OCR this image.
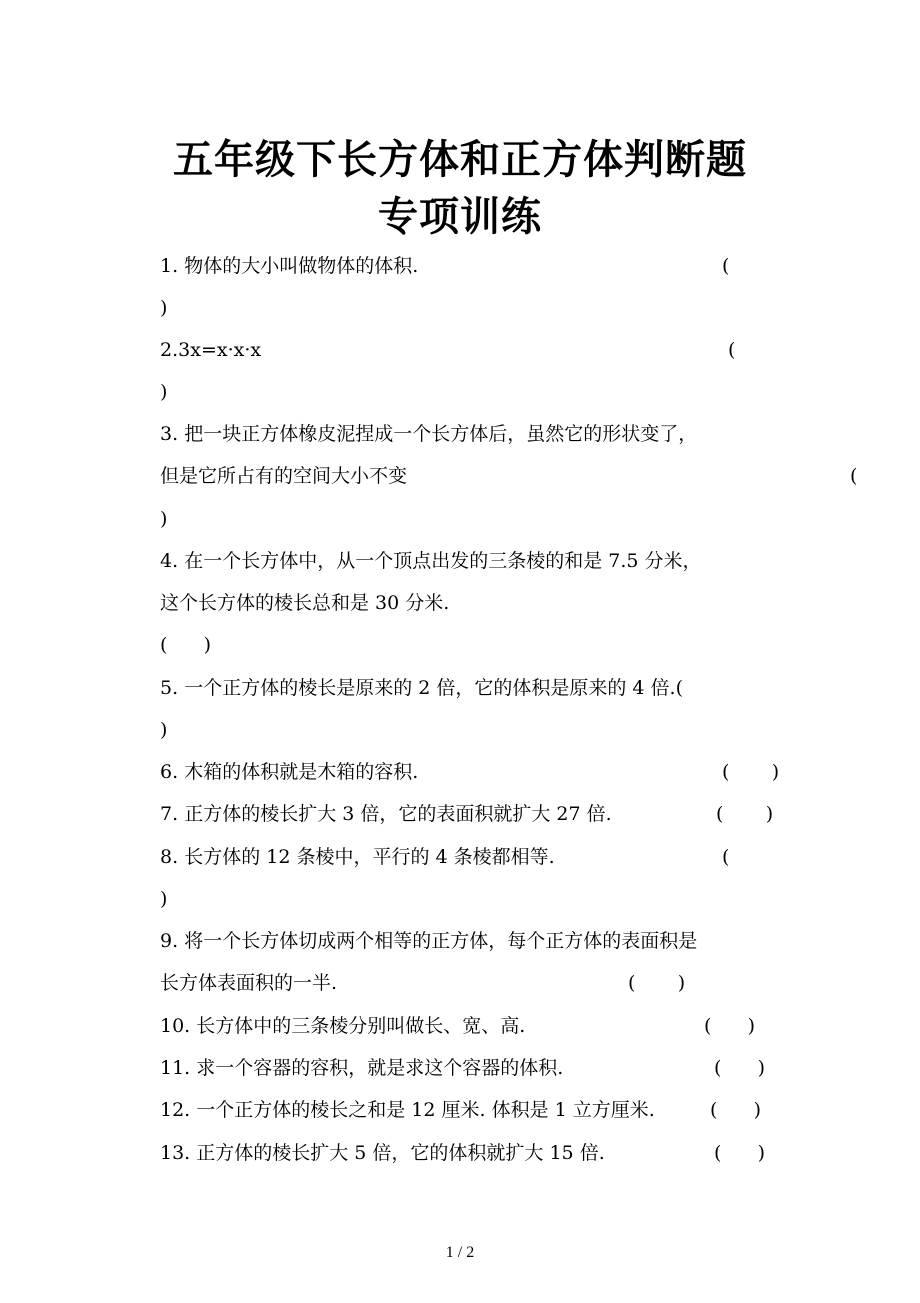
五年级下长方体和正方体判断题
专项训练
1. 物体的大小叫做物体的体积.	(
)
2.3x=x·x·x	(
)
3. 把一块正方体橡皮泥捏成一个长方体后，虽然它的形状变了，
但是它所占有的空间大小不变	(
)
4. 在一个长方体中，从一个顶点出发的三条棱的和是 7.5 分米，
这个长方体的棱长总和是 30 分米.
(      )
5. 一个正方体的棱长是原来的 2 倍，它的体积是原来的 4 倍.(
)
6. 木箱的体积就是木箱的容积.	(       )
7. 正方体的棱长扩大 3 倍，它的表面积就扩大 27 倍.	(       )
8. 长方体的 12 条棱中，平行的 4 条棱都相等.	(
)
9. 将一个长方体切成两个相等的正方体，每个正方体的表面积是
长方体表面积的一半.	(       )
10. 长方体中的三条棱分别叫做长、宽、高.	(      )
11. 求一个容器的容积，就是求这个容器的体积.	(      )
12. 一个正方体的棱长之和是 12 厘米. 体积是 1 立方厘米.	(      )
13. 正方体的棱长扩大 5 倍，它的体积就扩大 15 倍.	(      )
1 / 2
